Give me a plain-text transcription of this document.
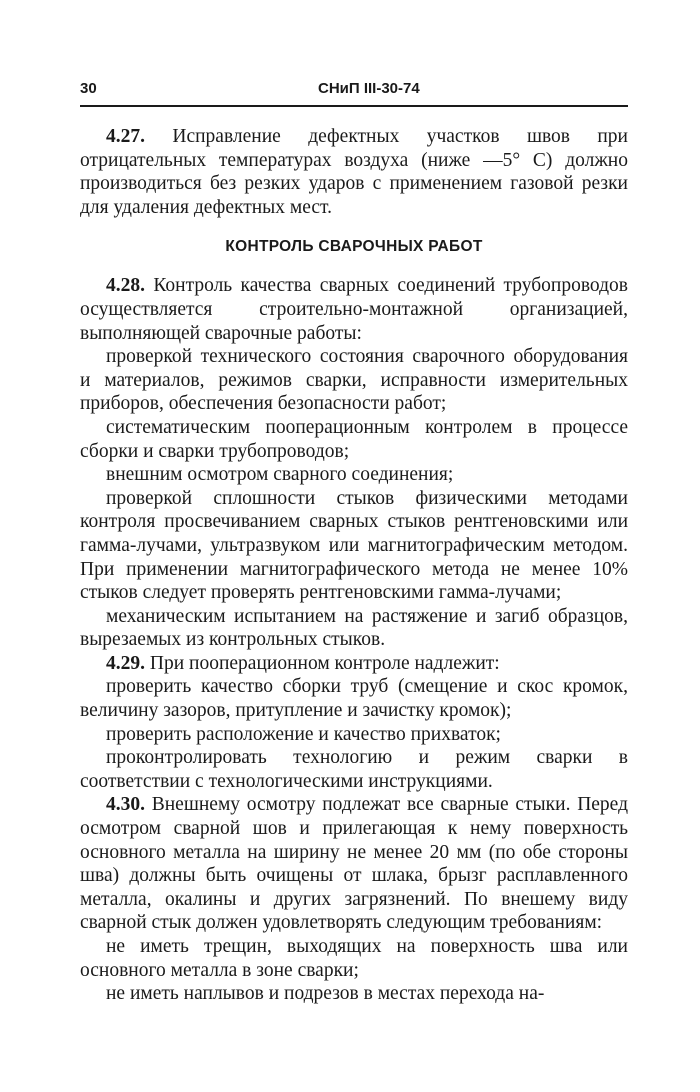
30	СНиП III-30-74

4.27. Исправление дефектных участков швов при отрицательных температурах воздуха (ниже —5° С) должно производиться без резких ударов с применением газовой резки для удаления дефектных мест.

КОНТРОЛЬ СВАРОЧНЫХ РАБОТ

4.28. Контроль качества сварных соединений трубопроводов осуществляется строительно-монтажной организацией, выполняющей сварочные работы:

проверкой технического состояния сварочного оборудования и материалов, режимов сварки, исправности измерительных приборов, обеспечения безопасности работ;

систематическим пооперационным контролем в процессе сборки и сварки трубопроводов;

внешним осмотром сварного соединения;

проверкой сплошности стыков физическими методами контроля просвечиванием сварных стыков рентгеновскими или гамма-лучами, ультразвуком или магнитографическим методом. При применении магнитографического метода не менее 10% стыков следует проверять рентгеновскими гамма-лучами;

механическим испытанием на растяжение и загиб образцов, вырезаемых из контрольных стыков.

4.29. При пооперационном контроле надлежит:

проверить качество сборки труб (смещение и скос кромок, величину зазоров, притупление и зачистку кромок);

проверить расположение и качество прихваток;

проконтролировать технологию и режим сварки в соответствии с технологическими инструкциями.

4.30. Внешнему осмотру подлежат все сварные стыки. Перед осмотром сварной шов и прилегающая к нему поверхность основного металла на ширину не менее 20 мм (по обе стороны шва) должны быть очищены от шлака, брызг расплавленного металла, окалины и других загрязнений. По внешему виду сварной стык должен удовлетворять следующим требованиям:

не иметь трещин, выходящих на поверхность шва или основного металла в зоне сварки;

не иметь наплывов и подрезов в местах перехода на-
